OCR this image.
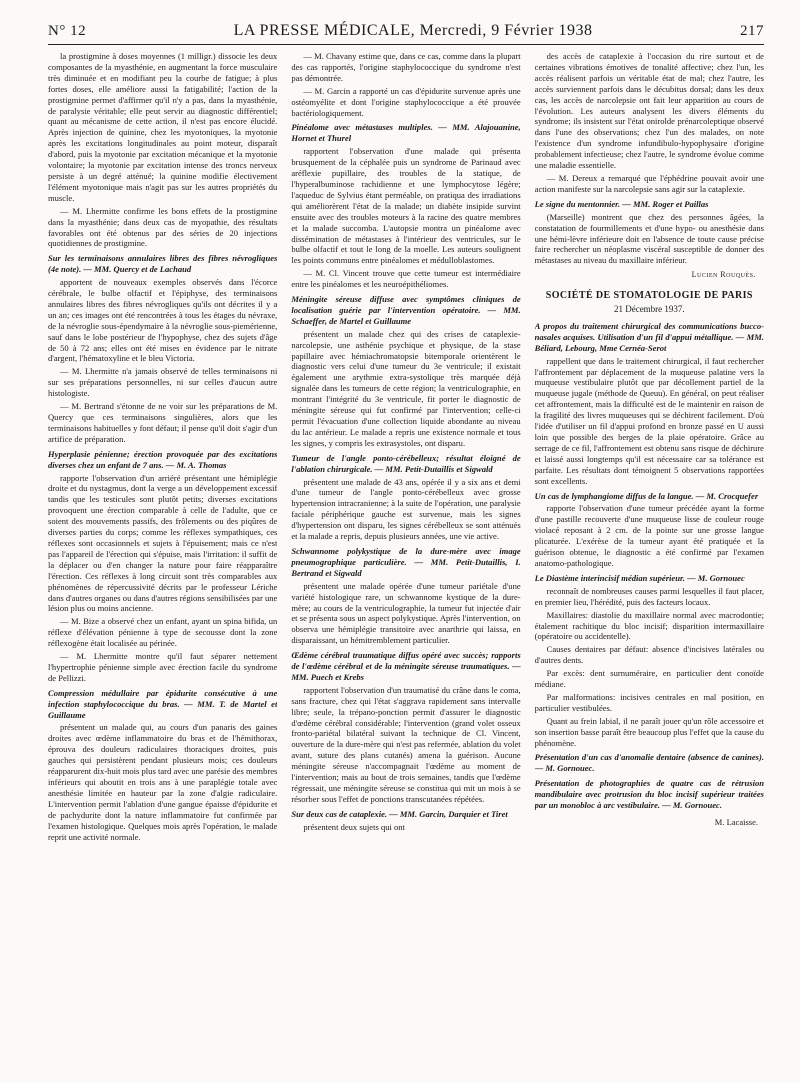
N° 12	LA PRESSE MÉDICALE, Mercredi, 9 Février 1938	217

la prostigmine à doses moyennes (1 milligr.) dissocie les deux composantes de la myasthénie, en augmentant la force musculaire très diminuée et en modifiant peu la courbe de fatigue; à plus fortes doses, elle améliore aussi la fatigabilité; l'action de la prostigmine permet d'affirmer qu'il n'y a pas, dans la myasthénie, de paralysie véritable; elle peut servir au diagnostic différentiel; quant au mécanisme de cette action, il n'est pas encore élucidé. Après injection de quinine, chez les myotoniques, la myotonie après les excitations longitudinales au point moteur, disparaît d'abord, puis la myotonie par excitation mécanique et la myotonie volontaire; la myotonie par excitation intense des troncs nerveux persiste à un degré atténué; la quinine modifie électivement l'élément myotonique mais n'agit pas sur les autres propriétés du muscle.

— M. Lhermitte confirme les bons effets de la prostigmine dans la myasthénie; dans deux cas de myopathie, des résultats favorables ont été obtenus par des séries de 20 injections quotidiennes de prostigmine.

Sur les terminaisons annulaires libres des fibres névrogliques (4e note). — MM. Quercy et de Lachaud

apportent de nouveaux exemples observés dans l'écorce cérébrale, le bulbe olfactif et l'épiphyse, des terminaisons annulaires libres des fibres névrogliques qu'ils ont décrites il y a un an; ces images ont été rencontrées à tous les étages du névraxe, de la névroglie sous-épendymaire à la névroglie sous-piemérienne, sauf dans le lobe postérieur de l'hypophyse, chez des sujets d'âge de 50 à 72 ans; elles ont été mises en évidence par le nitrate d'argent, l'hématoxyline et le bleu Victoria.

— M. Lhermitte n'a jamais observé de telles terminaisons ni sur ses préparations personnelles, ni sur celles d'aucun autre histologiste.

— M. Bertrand s'étonne de ne voir sur les préparations de M. Quercy que ces terminaisons singulières, alors que les terminaisons habituelles y font défaut; il pense qu'il doit s'agir d'un artifice de préparation.

Hyperplasie pénienne; érection provoquée par des excitations diverses chez un enfant de 7 ans. — M. A. Thomas

rapporte l'observation d'un arriéré présentant une hémiplégie droite et du nystagmus, dont la verge a un développement excessif tandis que les testicules sont plutôt petits; diverses excitations provoquent une érection comparable à celle de l'adulte, que ce soient des mouvements passifs, des frôlements ou des piqûres de diverses parties du corps; comme les réflexes sympathiques, ces réflexes sont occasionnels et sujets à l'épuisement; mais ce n'est pas l'appareil de l'érection qui s'épuise, mais l'irritation: il suffit de la déplacer ou d'en changer la nature pour faire réapparaître l'érection. Ces réflexes à long circuit sont très comparables aux phénomènes de répercussivité décrits par le professeur Lériche dans d'autres organes ou dans d'autres régions sensibilisées par une lésion plus ou moins ancienne.

— M. Bize a observé chez un enfant, ayant un spina bifida, un réflexe d'élévation pénienne à type de secousse dont la zone réflexogène était localisée au périnée.

— M. Lhermitte montre qu'il faut séparer nettement l'hypertrophie pénienne simple avec érection facile du syndrome de Pellizzi.

Compression médullaire par épidurite consécutive à une infection staphylococcique du bras. — MM. T. de Martel et Guillaume

présentent un malade qui, au cours d'un panaris des gaines droites avec œdème inflammatoire du bras et de l'hémithorax, éprouva des douleurs radiculaires thoraciques droites, puis gauches qui persistèrent pendant plusieurs mois; ces douleurs réapparurent dix-huit mois plus tard avec une parésie des membres inférieurs qui aboutit en trois ans à une paraplégie totale avec anesthésie limitée en hauteur par la zone d'algie radiculaire. L'intervention permit l'ablation d'une gangue épaisse d'épidurite et de pachydurite dont la nature inflammatoire fut confirmée par l'examen histologique. Quelques mois après l'opération, le malade reprit une activité normale.

— M. Chavany estime que, dans ce cas, comme dans la plupart des cas rapportés, l'origine staphylococcique du syndrome n'est pas démontrée.

— M. Garcin a rapporté un cas d'épidurite survenue après une ostéomyélite et dont l'origine staphylococcique a été prouvée bactériologiquement.

Pinéalome avec métastases multiples. — MM. Alajouanine, Hornet et Thurel

rapportent l'observation d'une malade qui présenta brusquement de la céphalée puis un syndrome de Parinaud avec aréflexie pupillaire, des troubles de la statique, de l'hyperalbuminose rachidienne et une lymphocytose légère; l'aqueduc de Sylvius étant perméable, on pratiqua des irradiations qui améliorèrent l'état de la malade; un diabète insipide survint ensuite avec des troubles moteurs à la racine des quatre membres et la malade succomba. L'autopsie montra un pinéalome avec dissémination de métastases à l'intérieur des ventricules, sur le bulbe olfactif et tout le long de la moelle. Les auteurs soulignent les points communs entre pinéalomes et médulloblastomes.

— M. Cl. Vincent trouve que cette tumeur est intermédiaire entre les pinéalomes et les neuroépithéliomes.

Méningite séreuse diffuse avec symptômes cliniques de localisation guérie par l'intervention opératoire. — MM. Schaeffer, de Martel et Guillaume

présentent un malade chez qui des crises de cataplexie-narcolepsie, une asthénie psychique et physique, de la stase papillaire avec hémiachromatopsie bitemporale orientèrent le diagnostic vers celui d'une tumeur du 3e ventricule; il existait également une arythmie extra-systolique très marquée déjà signalée dans les tumeurs de cette région; la ventriculographie, en montrant l'intégrité du 3e ventricule, fit porter le diagnostic de méningite séreuse qui fut confirmé par l'intervention; celle-ci permit l'évacuation d'une collection liquide abondante au niveau du lac antérieur. Le malade a repris une existence normale et tous les signes, y compris les extrasystoles, ont disparu.

Tumeur de l'angle ponto-cérébelleux; résultat éloigné de l'ablation chirurgicale. — MM. Petit-Dutaillis et Sigwald

présentent une malade de 43 ans, opérée il y a six ans et demi d'une tumeur de l'angle ponto-cérébelleux avec grosse hypertension intracranienne; à la suite de l'opération, une paralysie faciale périphérique gauche est survenue, mais les signes d'hypertension ont disparu, les signes cérébelleux se sont atténués et la malade a repris, depuis plusieurs années, une vie active.

Schwannome polykystique de la dure-mère avec image pneumographique particulière. — MM. Petit-Dutaillis, I. Bertrand et Sigwald

présentent une malade opérée d'une tumeur pariétale d'une variété histologique rare, un schwannome kystique de la dure-mère; au cours de la ventriculographie, la tumeur fut injectée d'air et se présenta sous un aspect polykystique. Après l'intervention, on observa une hémiplégie transitoire avec anarthrie qui laissa, en disparaissant, un hémitremblement particulier.

Œdème cérébral traumatique diffus opéré avec succès; rapports de l'œdème cérébral et de la méningite séreuse traumatiques. — MM. Puech et Krebs

rapportent l'observation d'un traumatisé du crâne dans le coma, sans fracture, chez qui l'état s'aggrava rapidement sans intervalle libre; seule, la trépano-ponction permit d'assurer le diagnostic d'œdème cérébral considérable; l'intervention (grand volet osseux fronto-pariétal bilatéral suivant la technique de Cl. Vincent, ouverture de la dure-mère qui n'est pas refermée, ablation du volet avant, suture des plans cutanés) amena la guérison. Aucune méningite séreuse n'accompagnait l'œdème au moment de l'intervention; mais au bout de trois semaines, tandis que l'œdème régressait, une méningite séreuse se constitua qui mit un mois à se résorber sous l'effet de ponctions transcutanées répétées.

Sur deux cas de cataplexie. — MM. Garcin, Darquier et Tiret

présentent deux sujets qui ont

des accès de cataplexie à l'occasion du rire surtout et de certaines vibrations émotives de tonalité affective; chez l'un, les accès réalisent parfois un véritable état de mal; chez l'autre, les accès surviennent parfois dans le décubitus dorsal; dans les deux cas, les accès de narcolepsie ont fait leur apparition au cours de l'évolution. Les auteurs analysent les divers éléments du syndrome; ils insistent sur l'état onirolde prénarcoleptique observé dans l'une des observations; chez l'un des malades, on note l'existence d'un syndrome infundibulo-hypophysaire d'origine probablement infectieuse; chez l'autre, le syndrome évolue comme une maladie essentielle.

— M. Dereux a remarqué que l'éphédrine pouvait avoir une action manifeste sur la narcolepsie sans agir sur la cataplexie.

Le signe du mentonnier. — MM. Roger et Paillas

(Marseille) montrent que chez des personnes âgées, la constatation de fourmillements et d'une hypo- ou anesthésie dans une hémi-lèvre inférieure doit en l'absence de toute cause précise faire rechercher un néoplasme viscéral susceptible de donner des métastases au niveau du maxillaire inférieur.

Lucien Rouquès.
SOCIÉTÉ DE STOMATOLOGIE DE PARIS
21 Décembre 1937.

A propos du traitement chirurgical des communications bucco-nasales acquises. Utilisation d'un fil d'appui métallique. — MM. Béliard, Lebourg, Mme Cernéa-Serot

rappellent que dans le traitement chirurgical, il faut rechercher l'affrontement par déplacement de la muqueuse palatine vers la muqueuse vestibulaire plutôt que par décollement partiel de la muqueuse jugale (méthode de Queuu). En général, on peut réaliser cet affrontement, mais la difficulté est de le maintenir en raison de la fragilité des livres muqueuses qui se déchirent facilement. D'où l'idée d'utiliser un fil d'appui profond en bronze passé en U aussi loin que possible des berges de la plaie opératoire. Grâce au serrage de ce fil, l'affrontement est obtenu sans risque de déchirure et laissé aussi longtemps qu'il est nécessaire car sa tolérance est parfaite. Les résultats dont témoignent 5 observations rapportées sont excellents.

Un cas de lymphangiome diffus de la langue. — M. Crocquefer

rapporte l'observation d'une tumeur précédée ayant la forme d'une pastille recouverte d'une muqueuse lisse de couleur rouge violacé reposant à 2 cm. de la pointe sur une grosse langue plicaturée. L'exérèse de la tumeur ayant été pratiquée et la guérison obtenue, le diagnostic a été confirmé par l'examen anatomo-pathologique.

Le Diastème interincisif médian supérieur. — M. Gornouec

reconnaît de nombreuses causes parmi lesquelles il faut placer, en premier lieu, l'hérédité, puis des facteurs locaux.

Maxillaires: diastolie du maxillaire normal avec macrodontie; étalement rachitique du bloc incisif; disparition intermaxillaire (opératoire ou accidentelle).

Causes dentaires par défaut: absence d'incisives latérales ou d'autres dents.

Par excès: dent surnuméraire, en particulier dent conoïde médiane.

Par malformations: incisives centrales en mal position, en particulier vestibulées.

Quant au frein labial, il ne paraît jouer qu'un rôle accessoire et son insertion basse paraît être beaucoup plus l'effet que la cause du phénomène.

Présentation d'un cas d'anomalie dentaire (absence de canines). — M. Gornouec.

Présentation de photographies de quatre cas de rétrusion mandibulaire avec protrusion du bloc incisif supérieur traitées par un monobloc à arc vestibulaire. — M. Gornouec.

M. Lacaisse.
